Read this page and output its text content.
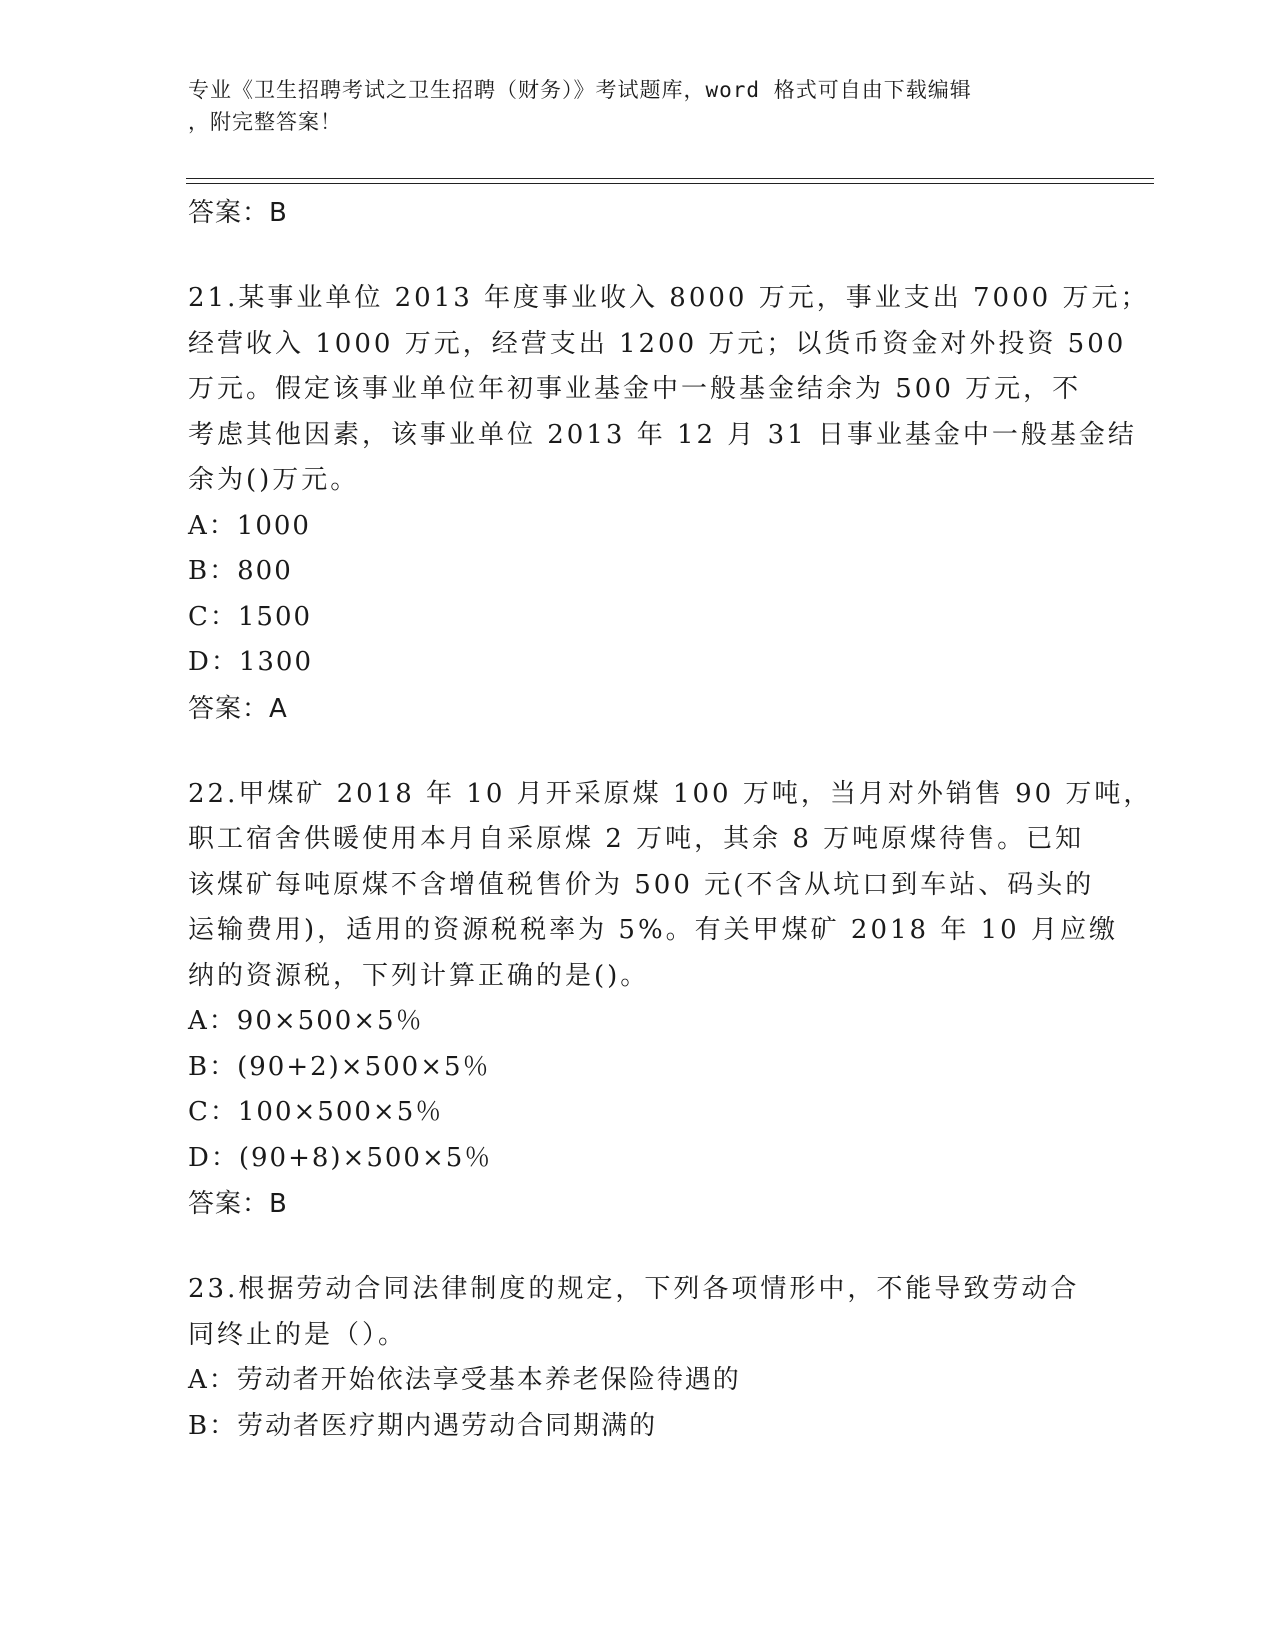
专业《卫生招聘考试之卫生招聘（财务）》考试题库，word 格式可自由下载编辑
，附完整答案！
答案：B
21.某事业单位 2013 年度事业收入 8000 万元，事业支出 7000 万元；
经营收入 1000 万元，经营支出 1200 万元；以货币资金对外投资 500
万元。假定该事业单位年初事业基金中一般基金结余为 500 万元，不
考虑其他因素，该事业单位 2013 年 12 月 31 日事业基金中一般基金结
余为()万元。
A：1000
B：800
C：1500
D：1300
答案：A
22.甲煤矿 2018 年 10 月开采原煤 100 万吨，当月对外销售 90 万吨，
职工宿舍供暖使用本月自采原煤 2 万吨，其余 8 万吨原煤待售。已知
该煤矿每吨原煤不含增值税售价为 500 元(不含从坑口到车站、码头的
运输费用)，适用的资源税税率为 5%。有关甲煤矿 2018 年 10 月应缴
纳的资源税，下列计算正确的是()。
A：90×500×5％
B：(90+2)×500×5％
C：100×500×5％
D：(90+8)×500×5％
答案：B
23.根据劳动合同法律制度的规定，下列各项情形中，不能导致劳动合
同终止的是（）。
A：劳动者开始依法享受基本养老保险待遇的
B：劳动者医疗期内遇劳动合同期满的
